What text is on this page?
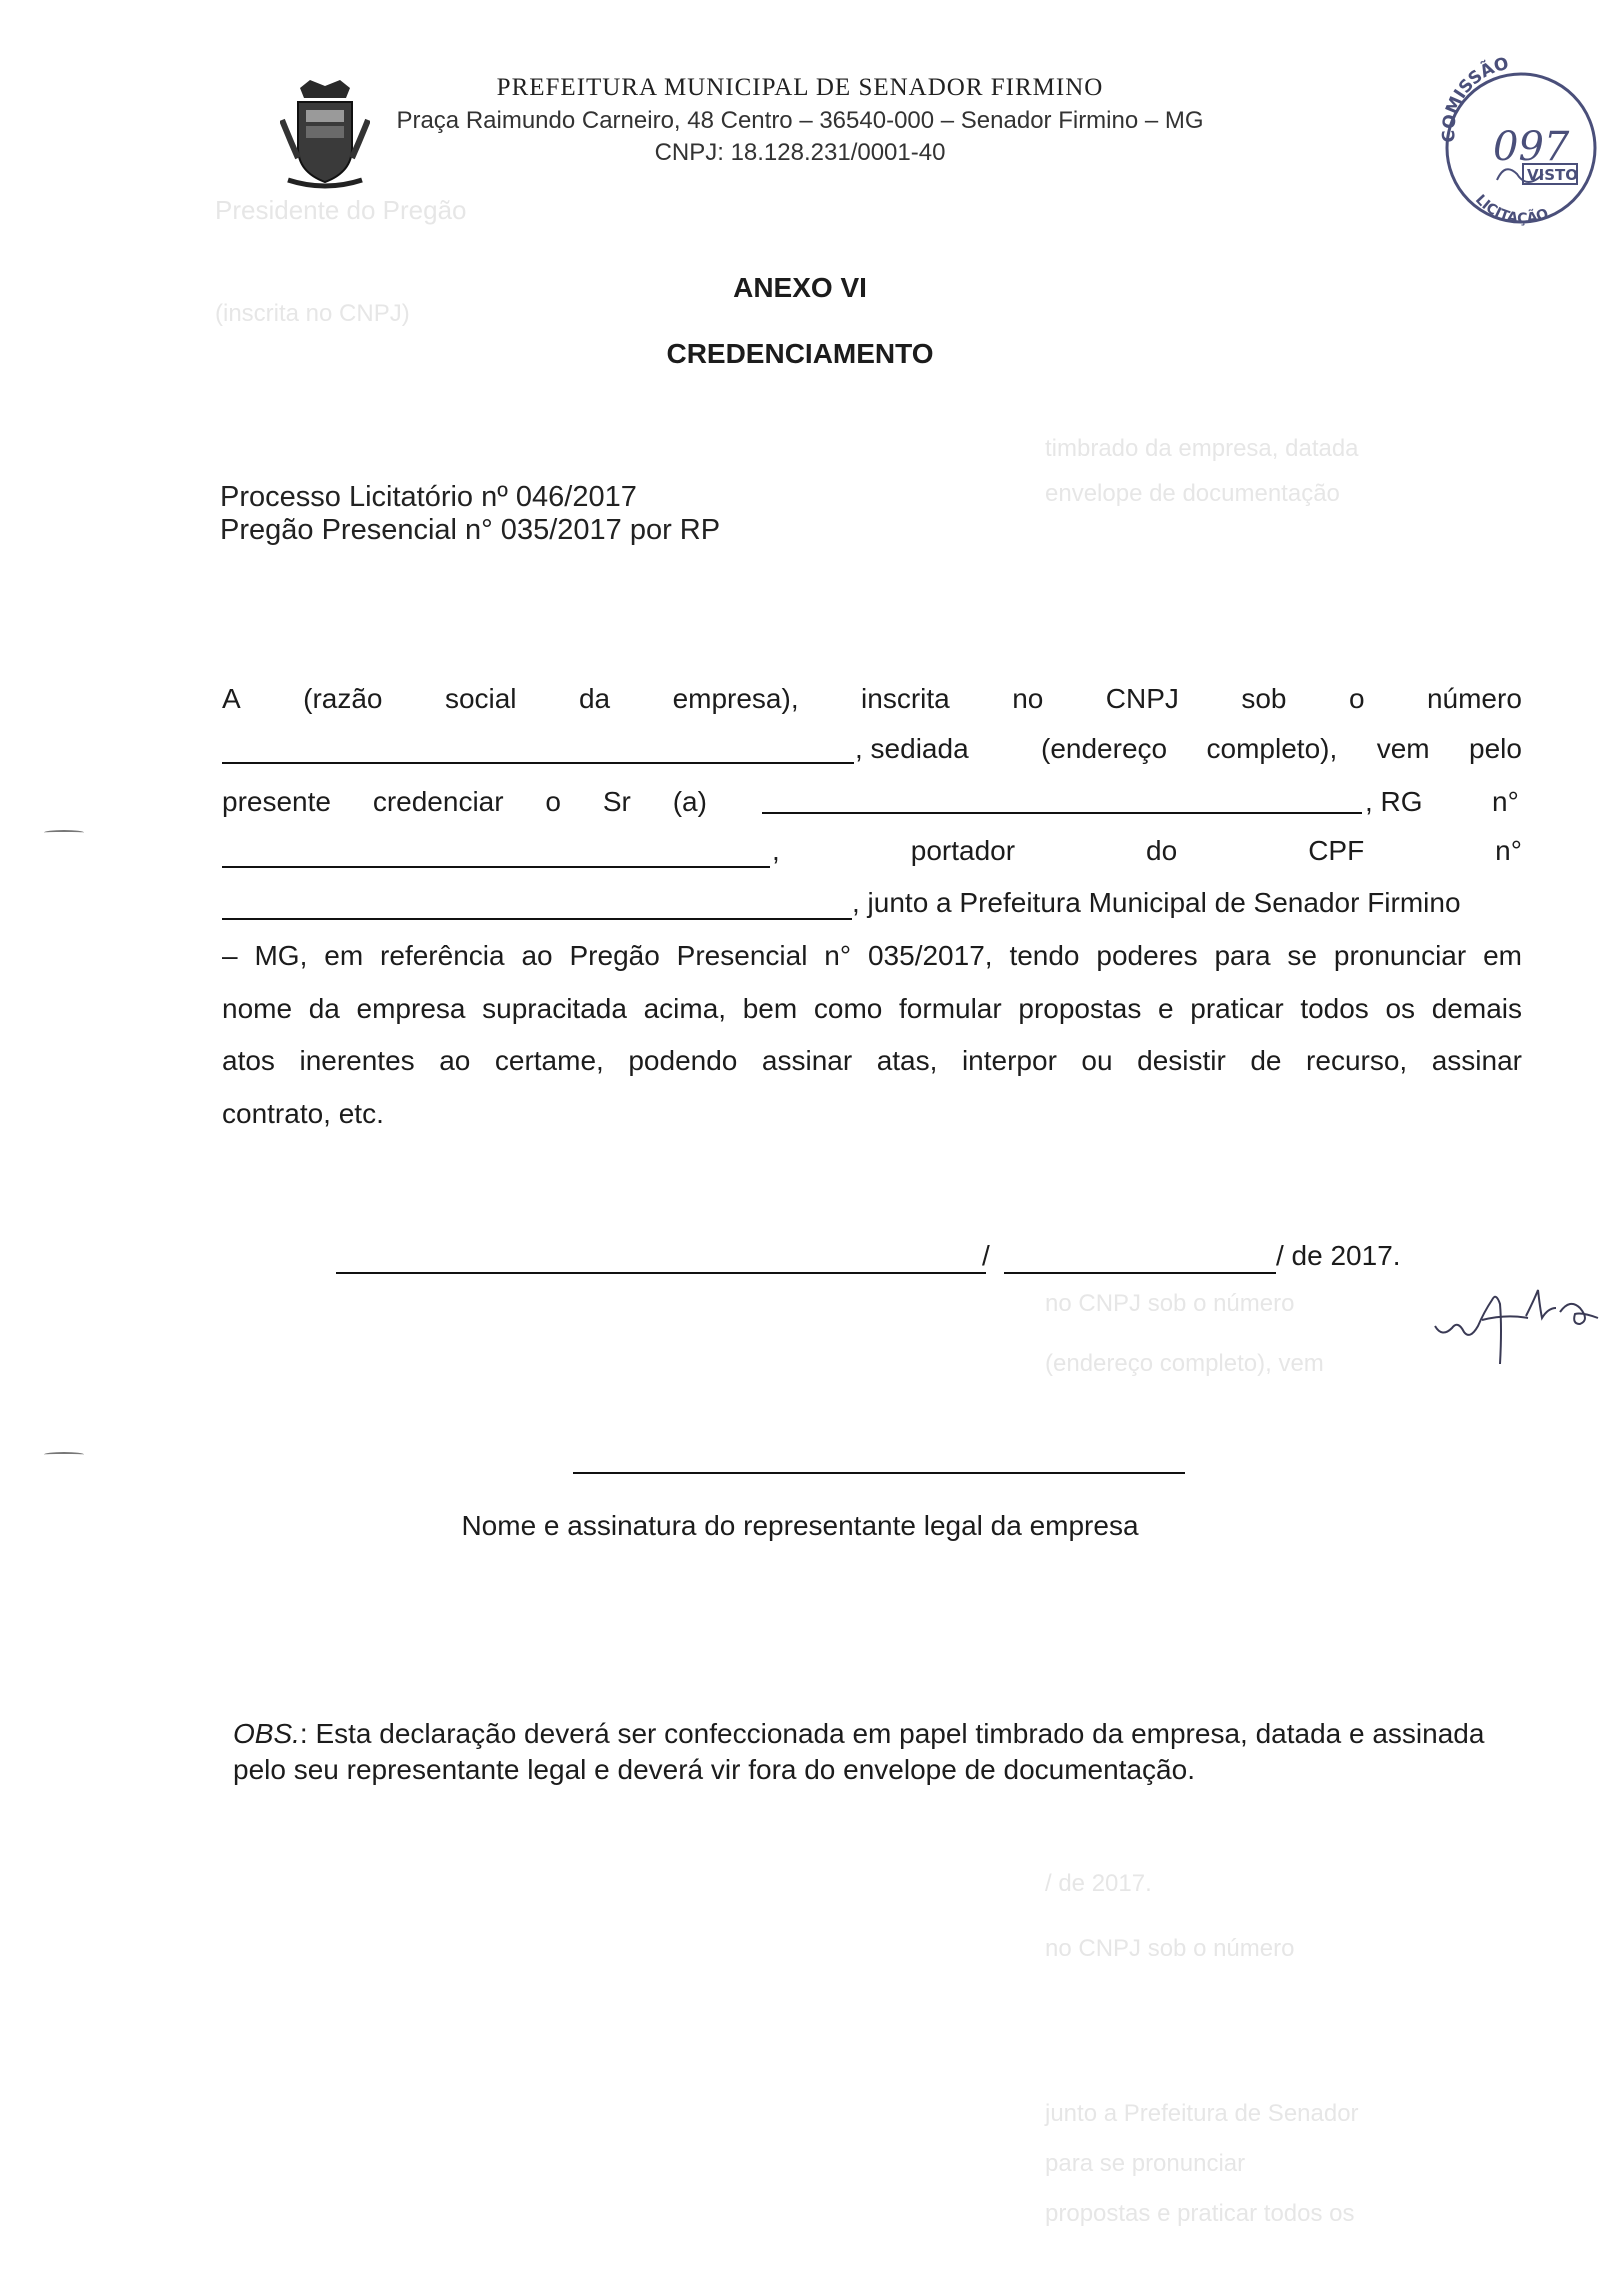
Presidente do Pregão
(inscrita no CNPJ)
timbrado da empresa, datada
envelope de documentação
no CNPJ sob o número
(endereço completo), vem
/ de 2017.
no CNPJ sob o número
junto a Prefeitura de Senador
para se pronunciar
propostas e praticar todos os
PREFEITURA MUNICIPAL DE SENADOR FIRMINO
Praça Raimundo Carneiro, 48 Centro – 36540-000 – Senador Firmino – MG
CNPJ: 18.128.231/0001-40
COMISSÃO
097
VISTO
LICITAÇÃO
ANEXO VI
CREDENCIAMENTO
Processo Licitatório nº 046/2017
Pregão Presencial n° 035/2017 por RP
A (razão social da empresa), inscrita no CNPJ sob o número
, sediada	(endereço completo), vem pelo
presente credenciar o Sr (a)	, RG n°
,	portador	do	CPF	n°
, junto a Prefeitura Municipal de Senador Firmino
– MG, em referência ao Pregão Presencial n° 035/2017, tendo poderes para se pronunciar em
nome da empresa supracitada acima, bem como formular propostas e praticar todos os demais
atos inerentes ao certame, podendo assinar atas, interpor ou desistir de recurso, assinar
contrato, etc.
/	/ de 2017.
Nome e assinatura do representante legal da empresa
OBS.: Esta declaração deverá ser confeccionada em papel timbrado da empresa, datada e assinada pelo seu representante legal e deverá vir fora do envelope de documentação.
